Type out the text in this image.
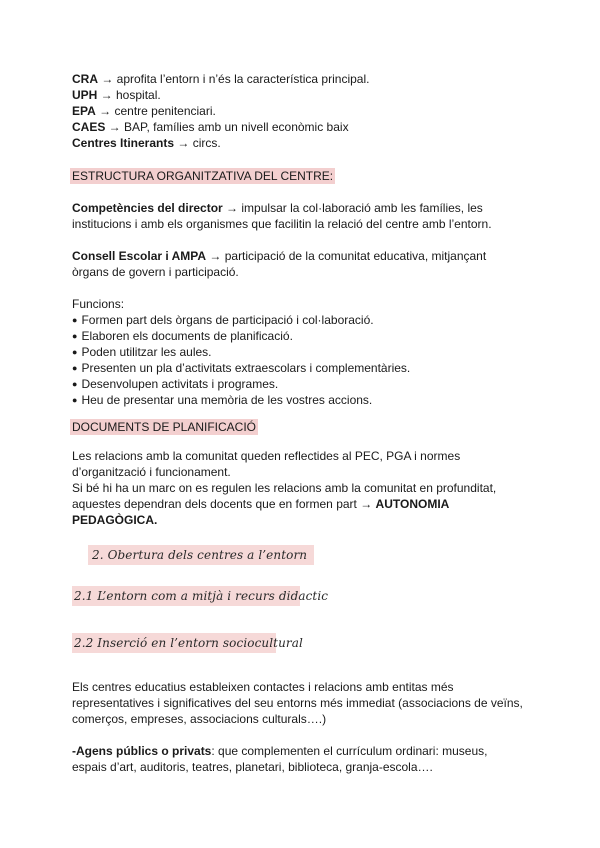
CRA → aprofita l’entorn i n’és la característica principal.
UPH → hospital.
EPA → centre penitenciari.
CAES → BAP, famílies amb un nivell econòmic baix
Centres Itinerants → circs.
ESTRUCTURA ORGANITZATIVA DEL CENTRE:
Competències del director → impulsar la col·laboració amb les famílies, les
institucions i amb els organismes que facilitin la relació del centre amb l’entorn.
Consell Escolar i AMPA → participació de la comunitat educativa, mitjançant
òrgans de govern i participació.
Funcions:
● Formen part dels òrgans de participació i col·laboració.
● Elaboren els documents de planificació.
● Poden utilitzar les aules.
● Presenten un pla d’activitats extraescolars i complementàries.
● Desenvolupen activitats i programes.
● Heu de presentar una memòria de les vostres accions.
DOCUMENTS DE PLANIFICACIÓ
Les relacions amb la comunitat queden reflectides al PEC, PGA i normes
d’organització i funcionament.
Si bé hi ha un marc on es regulen les relacions amb la comunitat en profunditat,
aquestes dependran dels docents que en formen part → AUTONOMIA
PEDAGÒGICA.
2. Obertura dels centres a l’entorn
2.1 L’entorn com a mitjà i recurs didactic
2.2 Inserció en l’entorn sociocultural
Els centres educatius estableixen contactes i relacions amb entitas més
representatives i significatives del seu entorns més immediat (associacions de veïns,
comerços, empreses, associacions culturals….)
-Agens públics o privats: que complementen el currículum ordinari: museus,
espais d’art, auditoris, teatres, planetari, biblioteca, granja-escola….
